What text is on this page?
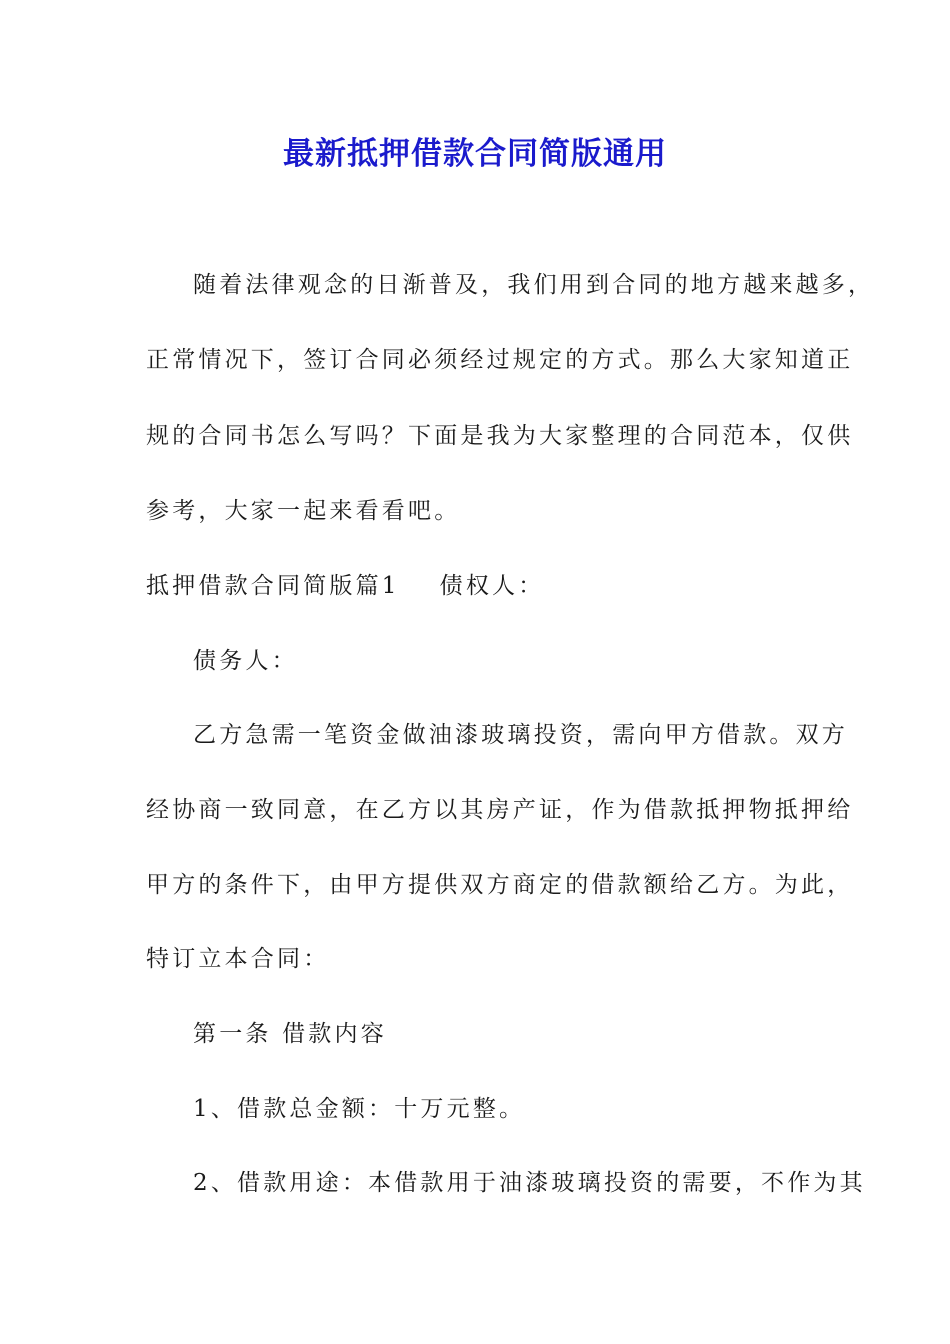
最新抵押借款合同简版通用

随着法律观念的日渐普及，我们用到合同的地方越来越多，

正常情况下，签订合同必须经过规定的方式。那么大家知道正

规的合同书怎么写吗？下面是我为大家整理的合同范本，仅供

参考，大家一起来看看吧。

抵押借款合同简版篇1 债权人：

债务人：

乙方急需一笔资金做油漆玻璃投资，需向甲方借款。双方

经协商一致同意，在乙方以其房产证，作为借款抵押物抵押给

甲方的条件下，由甲方提供双方商定的借款额给乙方。为此，

特订立本合同：

第一条 借款内容

1、借款总金额：十万元整。

2、借款用途：本借款用于油漆玻璃投资的需要，不作为其
